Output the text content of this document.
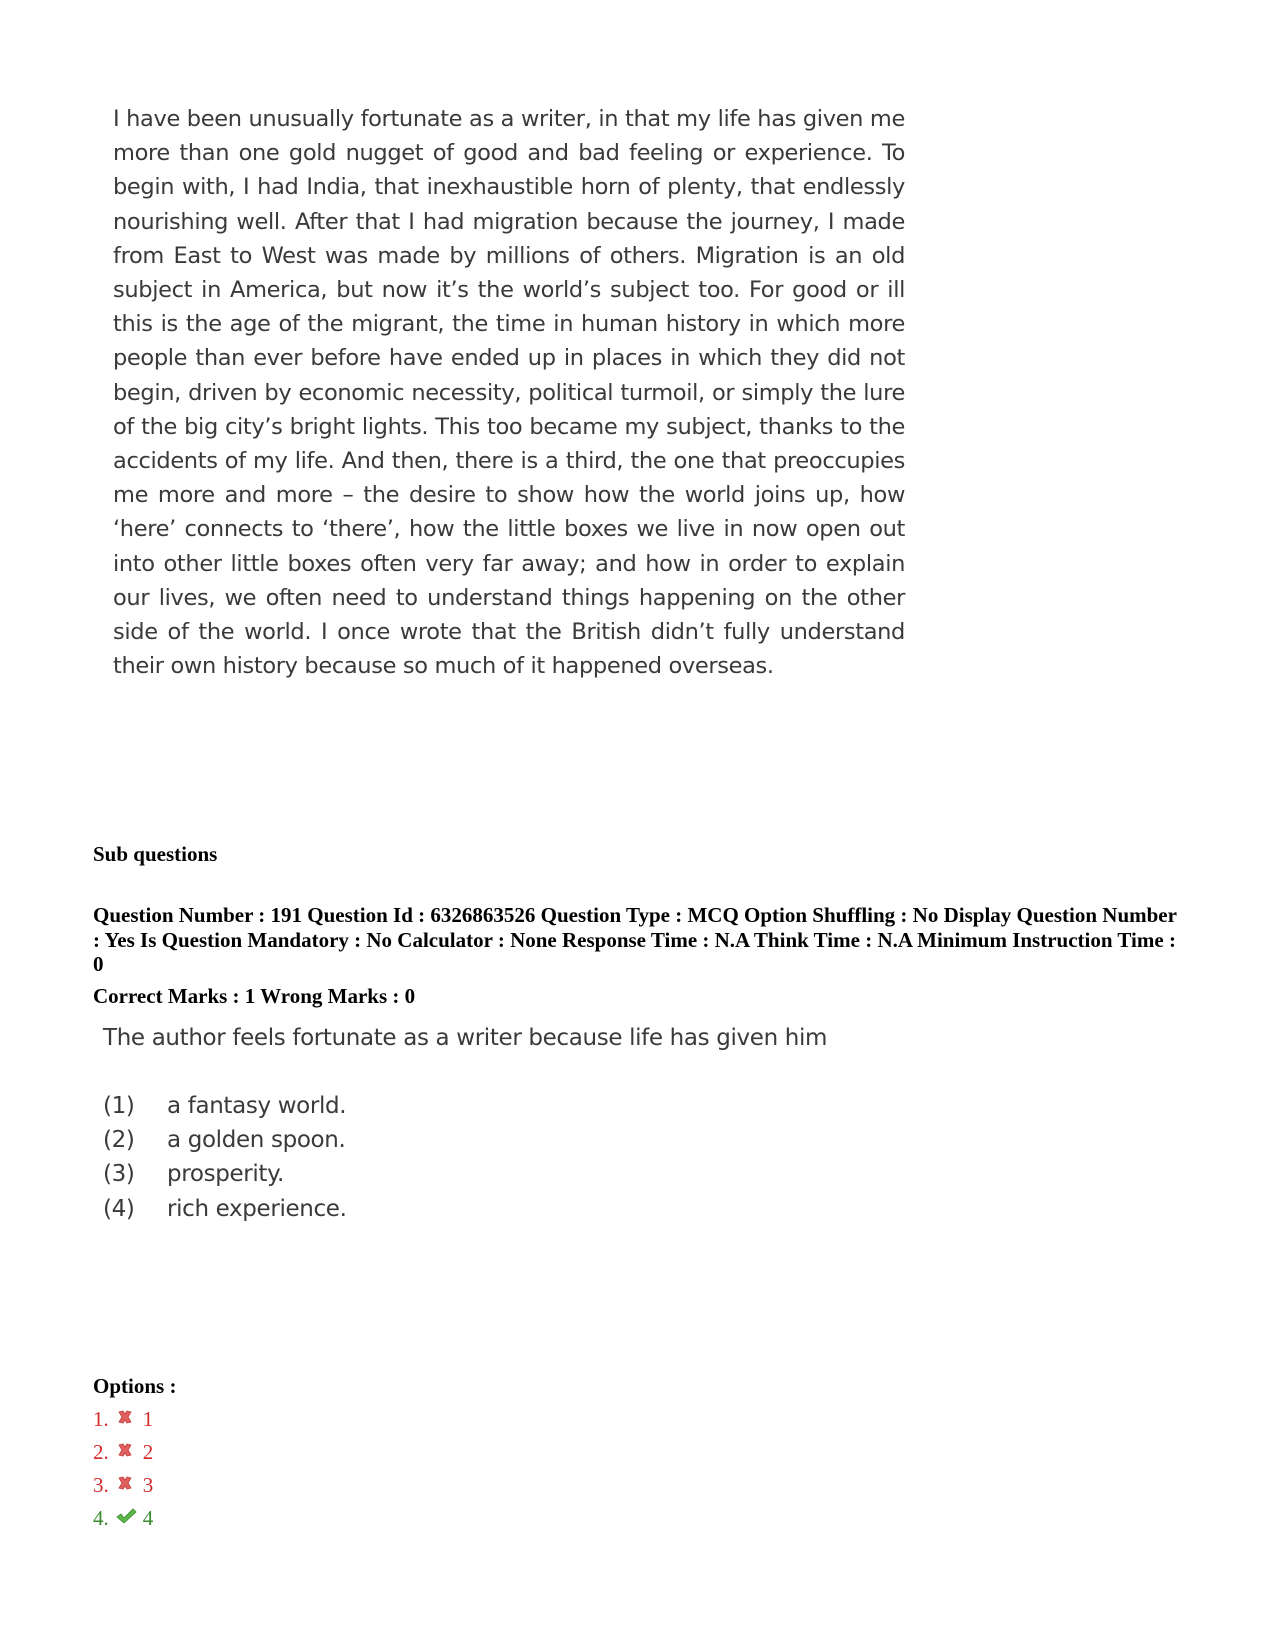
I have been unusually fortunate as a writer, in that my life has given me more than one gold nugget of good and bad feeling or experience. To begin with, I had India, that inexhaustible horn of plenty, that endlessly nourishing well. After that I had migration because the journey, I made from East to West was made by millions of others. Migration is an old subject in America, but now it’s the world’s subject too. For good or ill this is the age of the migrant, the time in human history in which more people than ever before have ended up in places in which they did not begin, driven by economic necessity, political turmoil, or simply the lure of the big city’s bright lights. This too became my subject, thanks to the accidents of my life. And then, there is a third, the one that preoccupies me more and more – the desire to show how the world joins up, how ‘here’ connects to ‘there’, how the little boxes we live in now open out into other little boxes often very far away; and how in order to explain our lives, we often need to understand things happening on the other side of the world. I once wrote that the British didn’t fully understand their own history because so much of it happened overseas.

Sub questions

Question Number : 191 Question Id : 6326863526 Question Type : MCQ Option Shuffling : No Display Question Number : Yes Is Question Mandatory : No Calculator : None Response Time : N.A Think Time : N.A Minimum Instruction Time : 0

Correct Marks : 1 Wrong Marks : 0

The author feels fortunate as a writer because life has given him

(1)	a fantasy world.
(2)	a golden spoon.
(3)	prosperity.
(4)	rich experience.

Options :

1. 1
2. 2
3. 3
4. 4
